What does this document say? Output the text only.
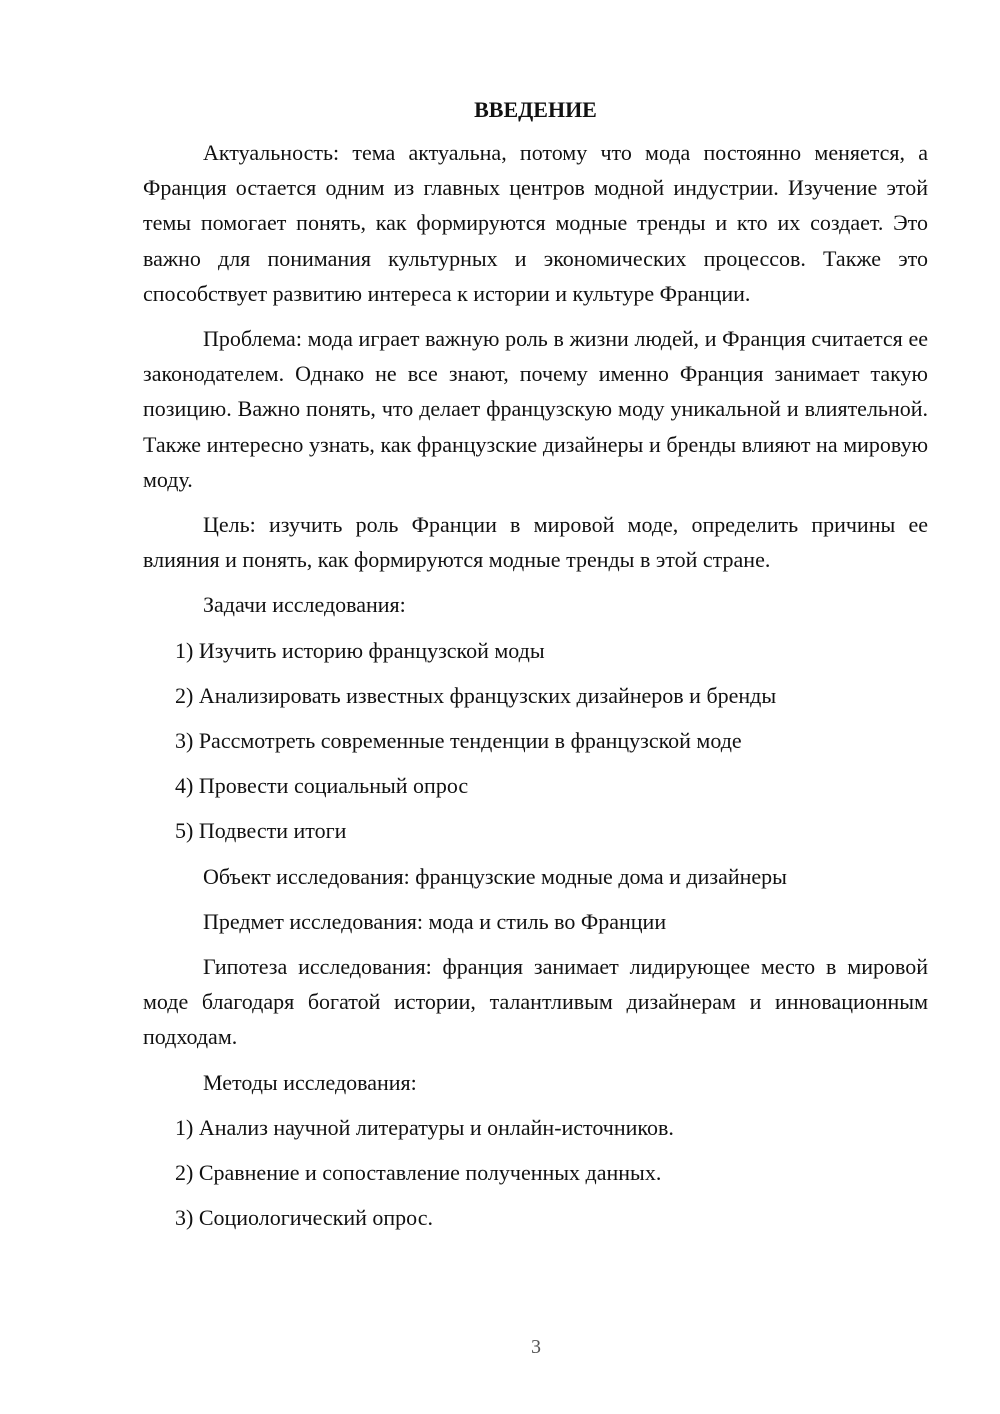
ВВЕДЕНИЕ

Актуальность: тема актуальна, потому что мода постоянно меняется, а Франция остается одним из главных центров модной индустрии. Изучение этой темы помогает понять, как формируются модные тренды и кто их создает. Это важно для понимания культурных и экономических процессов. Также это способствует развитию интереса к истории и культуре Франции.

Проблема: мода играет важную роль в жизни людей, и Франция считается ее законодателем. Однако не все знают, почему именно Франция занимает такую позицию. Важно понять, что делает французскую моду уникальной и влиятельной. Также интересно узнать, как французские дизайнеры и бренды влияют на мировую моду.

Цель: изучить роль Франции в мировой моде, определить причины ее влияния и понять, как формируются модные тренды в этой стране.

Задачи исследования:
1) Изучить историю французской моды
2) Анализировать известных французских дизайнеров и бренды
3) Рассмотреть современные тенденции в французской моде
4) Провести социальный опрос
5) Подвести итоги
Объект исследования: французские модные дома и дизайнеры
Предмет исследования: мода и стиль во Франции

Гипотеза исследования: франция занимает лидирующее место в мировой моде благодаря богатой истории, талантливым дизайнерам и инновационным подходам.

Методы исследования:
1) Анализ научной литературы и онлайн-источников.
2) Сравнение и сопоставление полученных данных.
3) Социологический опрос.
3
